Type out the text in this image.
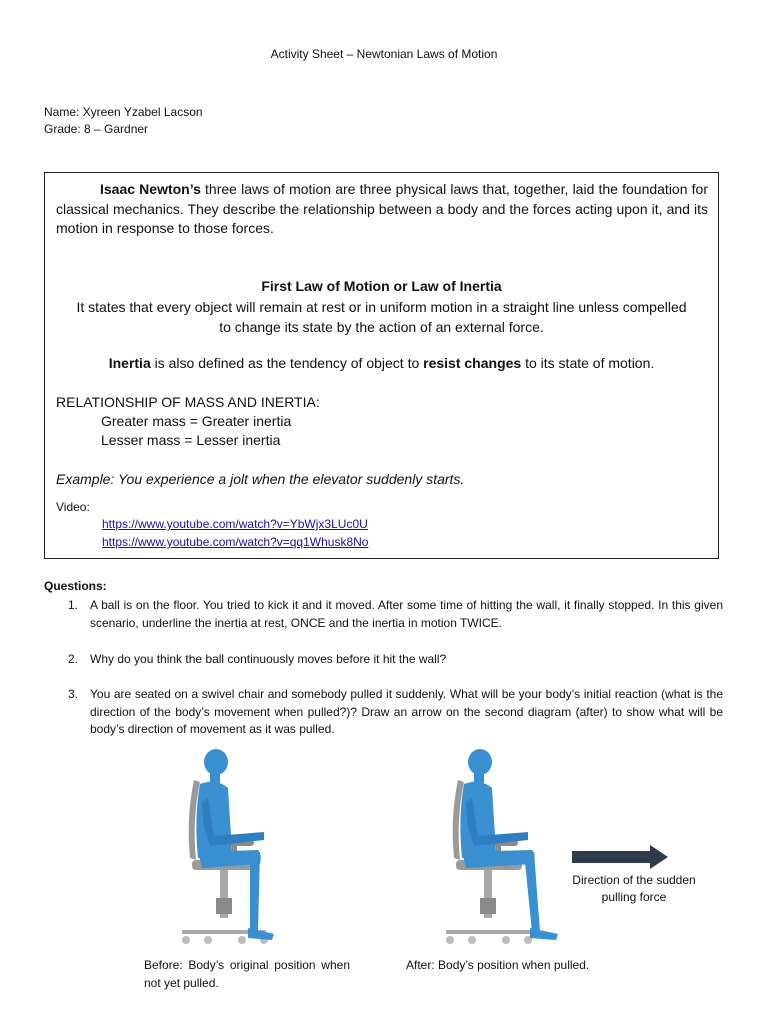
Activity Sheet – Newtonian Laws of Motion
Name: Xyreen Yzabel Lacson
Grade: 8 – Gardner
Isaac Newton’s three laws of motion are three physical laws that, together, laid the foundation for classical mechanics. They describe the relationship between a body and the forces acting upon it, and its motion in response to those forces.
First Law of Motion or Law of Inertia
It states that every object will remain at rest or in uniform motion in a straight line unless compelled to change its state by the action of an external force.
Inertia is also defined as the tendency of object to resist changes to its state of motion.
RELATIONSHIP OF MASS AND INERTIA:
Greater mass = Greater inertia
Lesser mass = Lesser inertia
Example: You experience a jolt when the elevator suddenly starts.
Video:
https://www.youtube.com/watch?v=YbWjx3LUc0U
https://www.youtube.com/watch?v=qq1Whusk8No
Questions:
1. A ball is on the floor. You tried to kick it and it moved. After some time of hitting the wall, it finally stopped. In this given scenario, underline the inertia at rest, ONCE and the inertia in motion TWICE.
2. Why do you think the ball continuously moves before it hit the wall?
3. You are seated on a swivel chair and somebody pulled it suddenly. What will be your body’s initial reaction (what is the direction of the body’s movement when pulled?)? Draw an arrow on the second diagram (after) to show what will be body’s direction of movement as it was pulled.
Direction of the sudden pulling force
Before: Body’s original position when not yet pulled.
After: Body’s position when pulled.
